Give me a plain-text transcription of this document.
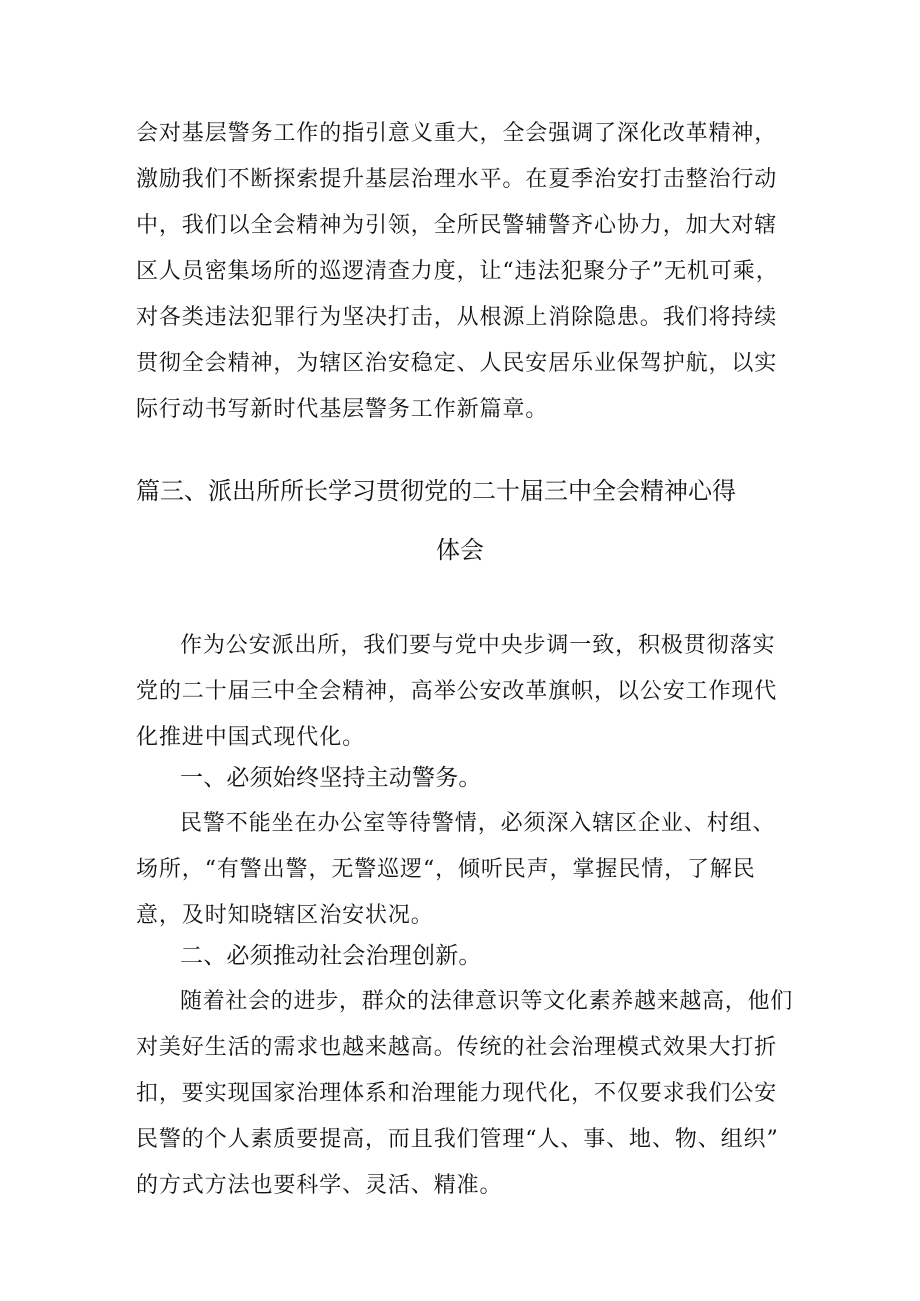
会对基层警务工作的指引意义重大，全会强调了深化改革精神，
激励我们不断探索提升基层治理水平。在夏季治安打击整治行动
中，我们以全会精神为引领，全所民警辅警齐心协力，加大对辖
区人员密集场所的巡逻清查力度，让“违法犯聚分子”无机可乘，
对各类违法犯罪行为坚决打击，从根源上消除隐患。我们将持续
贯彻全会精神，为辖区治安稳定、人民安居乐业保驾护航，以实
际行动书写新时代基层警务工作新篇章。
篇三、派出所所长学习贯彻党的二十届三中全会精神心得
体会
作为公安派出所，我们要与党中央步调一致，积极贯彻落实
党的二十届三中全会精神，高举公安改革旗帜，以公安工作现代
化推进中国式现代化。
一、必须始终坚持主动警务。
民警不能坐在办公室等待警情，必须深入辖区企业、村组、
场所，“有警出警，无警巡逻“，倾听民声，掌握民情，了解民
意，及时知晓辖区治安状况。
二、必须推动社会治理创新。
随着社会的进步，群众的法律意识等文化素养越来越高，他们
对美好生活的需求也越来越高。传统的社会治理模式效果大打折
扣，要实现国家治理体系和治理能力现代化，不仅要求我们公安
民警的个人素质要提高，而且我们管理“人、事、地、物、组织”
的方式方法也要科学、灵活、精准。
